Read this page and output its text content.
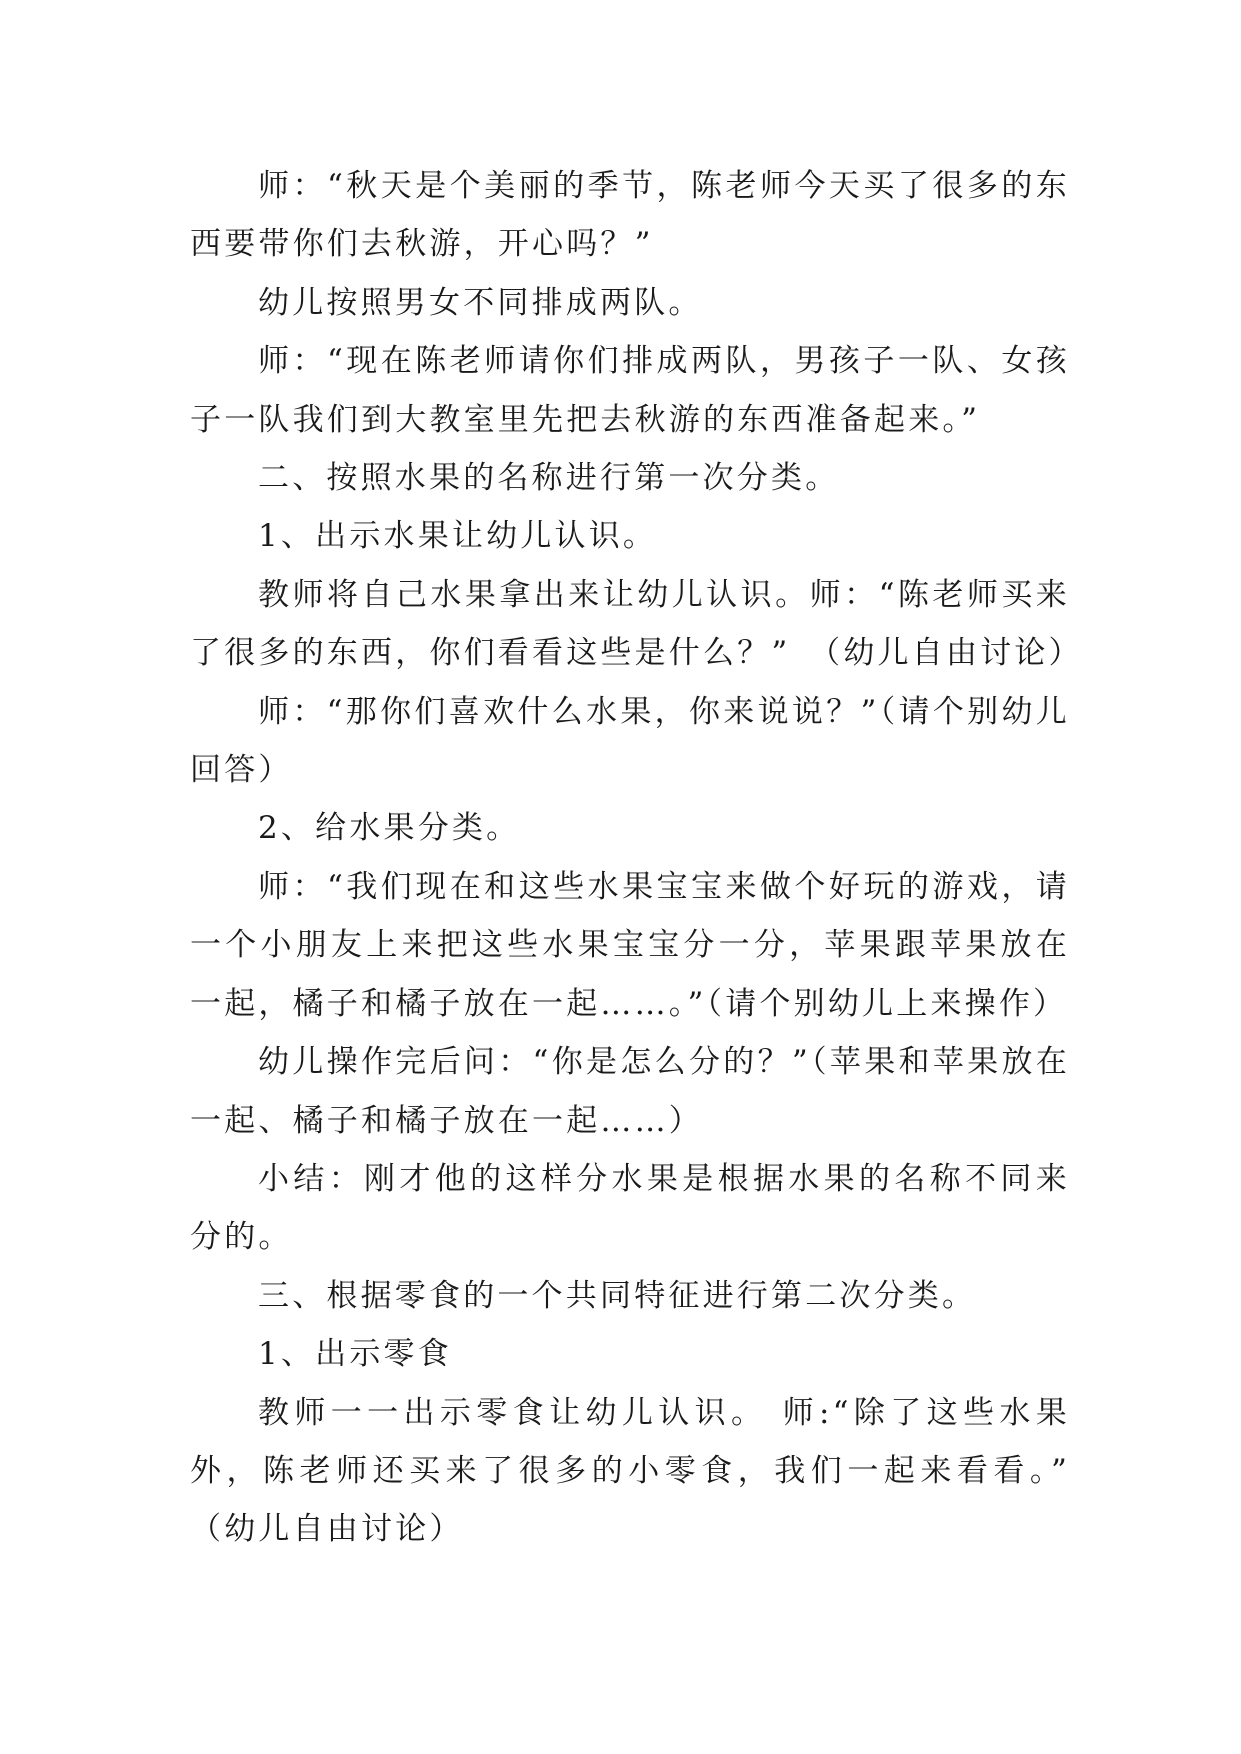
师：“秋天是个美丽的季节，陈老师今天买了很多的东西要带你们去秋游，开心吗？”

幼儿按照男女不同排成两队。

师：“现在陈老师请你们排成两队，男孩子一队、女孩子一队我们到大教室里先把去秋游的东西准备起来。”

二、按照水果的名称进行第一次分类。

1、出示水果让幼儿认识。

教师将自己水果拿出来让幼儿认识。师：“陈老师买来了很多的东西，你们看看这些是什么？”　（幼儿自由讨论）

师：“那你们喜欢什么水果，你来说说？”（请个别幼儿回答）

2、给水果分类。

师：“我们现在和这些水果宝宝来做个好玩的游戏，请一个小朋友上来把这些水果宝宝分一分，苹果跟苹果放在一起，橘子和橘子放在一起……。”（请个别幼儿上来操作）

幼儿操作完后问：“你是怎么分的？”（苹果和苹果放在一起、橘子和橘子放在一起……）

小结：刚才他的这样分水果是根据水果的名称不同来分的。

三、根据零食的一个共同特征进行第二次分类。

1、出示零食

教师一一出示零食让幼儿认识。 师:“除了这些水果外，陈老师还买来了很多的小零食，我们一起来看看。”　（幼儿自由讨论）
